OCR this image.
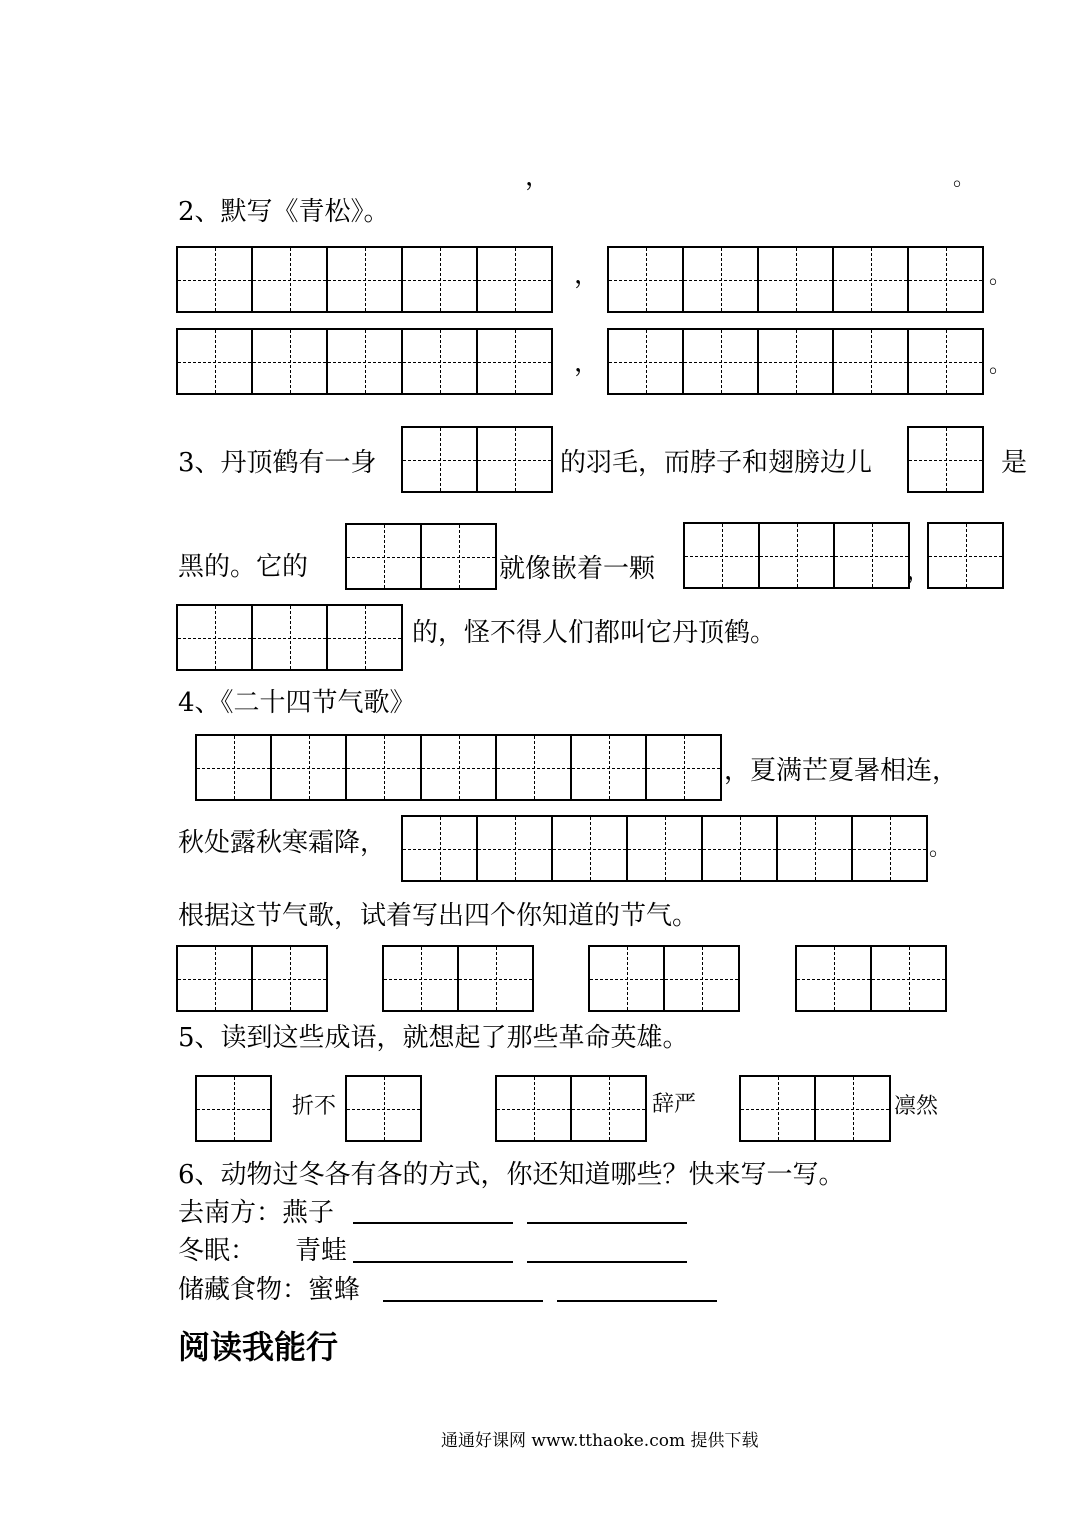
，	。
2、默写《青松》。
，	。
，	。
3、丹顶鹤有一身	的羽毛，而脖子和翅膀边儿	是
黑的。它的	就像嵌着一颗	，
的，怪不得人们都叫它丹顶鹤。
4、《二十四节气歌》
，夏满芒夏暑相连，
秋处露秋寒霜降，	。
根据这节气歌，试着写出四个你知道的节气。
5、读到这些成语，就想起了那些革命英雄。
折不	辞严	凛然
6、动物过冬各有各的方式，你还知道哪些？快来写一写。
去南方：燕子
冬眠： 青蛙
储藏食物：蜜蜂
阅读我能行
通通好课网 www.tthaoke.com 提供下载
